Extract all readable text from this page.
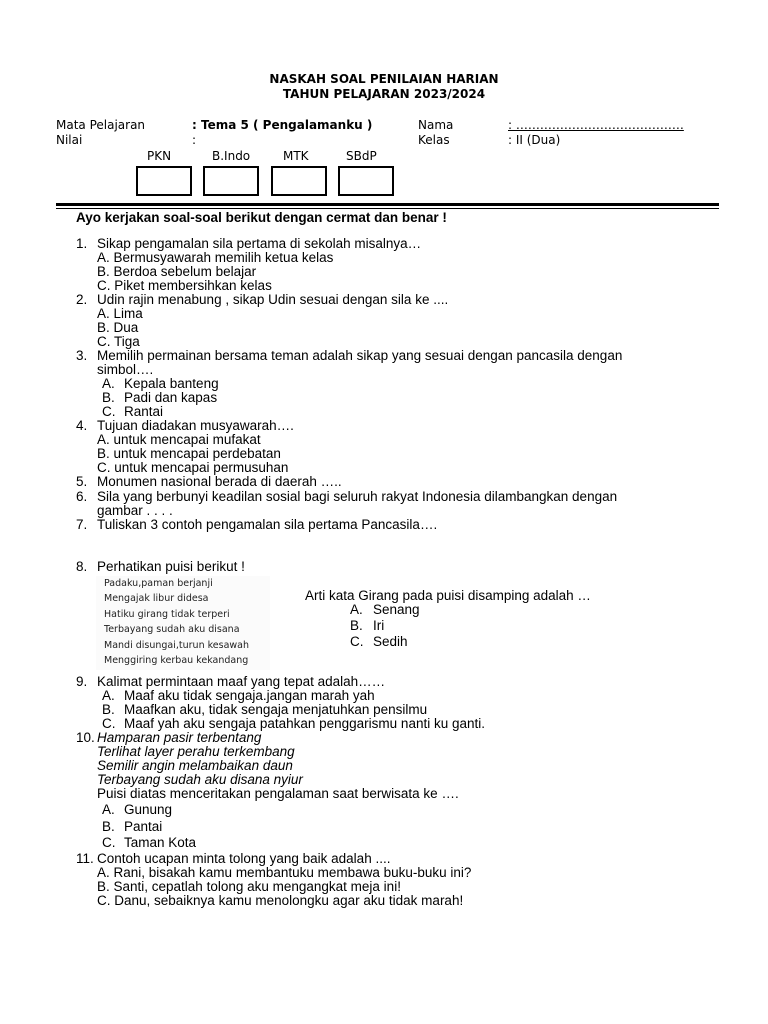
NASKAH SOAL PENILAIAN HARIAN
TAHUN PELAJARAN 2023/2024
Mata Pelajaran	: Tema 5 ( Pengalamanku )
Nilai	:
Nama	: ……………………………………
Kelas	: II (Dua)
PKN	B.Indo	MTK	SBdP
Ayo kerjakan soal-soal berikut dengan cermat dan benar !
1. Sikap pengamalan sila pertama di sekolah misalnya…
A. Bermusyawarah memilih ketua kelas
B. Berdoa sebelum belajar
C. Piket membersihkan kelas
2. Udin rajin menabung , sikap Udin sesuai dengan sila ke ....
A. Lima
B. Dua
C. Tiga
3. Memilih permainan bersama teman adalah sikap yang sesuai dengan pancasila dengan
simbol….
A. Kepala banteng
B. Padi dan kapas
C. Rantai
4. Tujuan diadakan musyawarah….
A. untuk mencapai mufakat
B. untuk mencapai perdebatan
C. untuk mencapai permusuhan
5. Monumen nasional berada di daerah …..
6. Sila yang berbunyi keadilan sosial bagi seluruh rakyat Indonesia dilambangkan dengan
gambar . . . .
7. Tuliskan 3 contoh pengamalan sila pertama Pancasila….
8. Perhatikan puisi berikut !
Padaku,paman berjanji
Mengajak libur didesa
Hatiku girang tidak terperi
Terbayang sudah aku disana
Mandi disungai,turun kesawah
Menggiring kerbau kekandang
Arti kata Girang pada puisi disamping adalah …
A. Senang
B. Iri
C. Sedih
9. Kalimat permintaan maaf yang tepat adalah……
A. Maaf aku tidak sengaja.jangan marah yah
B. Maafkan aku, tidak sengaja menjatuhkan pensilmu
C. Maaf yah aku sengaja patahkan penggarismu nanti ku ganti.
10. Hamparan pasir terbentang
Terlihat layer perahu terkembang
Semilir angin melambaikan daun
Terbayang sudah aku disana nyiur
Puisi diatas menceritakan pengalaman saat berwisata ke ….
A. Gunung
B. Pantai
C. Taman Kota
11. Contoh ucapan minta tolong yang baik adalah ....
A. Rani, bisakah kamu membantuku membawa buku-buku ini?
B. Santi, cepatlah tolong aku mengangkat meja ini!
C. Danu, sebaiknya kamu menolongku agar aku tidak marah!
